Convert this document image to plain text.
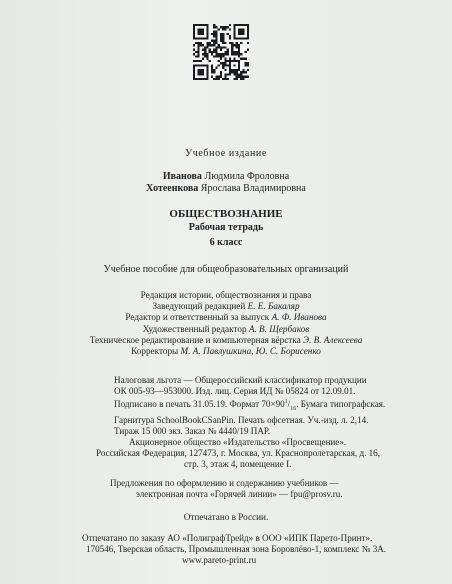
Учебное издание
Иванова Людмила Фроловна
Хотеенкова Ярослава Владимировна
ОБЩЕСТВОЗНАНИЕ
Рабочая тетрадь
6 класс
Учебное пособие для общеобразовательных организаций
Редакция истории, обществознания и права
Заведующий редакцией Е. Е. Бакаляр
Редактор и ответственный за выпуск А. Ф. Иванова
Художественный редактор А. В. Щербаков
Техническое редактирование и компьютерная вёрстка Э. В. Алексеева
Корректоры М. А. Павлушкина, Ю. С. Борисенко
Налоговая льгота — Общероссийский классификатор продукции
ОК 005-93—953000. Изд. лиц. Серия ИД № 05824 от 12.09.01.
Подписано в печать 31.05.19. Формат $70\times 90^1/_{16}$. Бумага типографская.
Гарнитура SchoolBookCSanPin. Печать офсетная. Уч.-изд. л. 2,14.
Тираж 15 000 экз. Заказ № 4440/19 ПАР.
Акционерное общество «Издательство «Просвещение».
Российская Федерация, 127473, г. Москва, ул. Краснопролетарская, д. 16,
стр. 3, этаж 4, помещение I.
Предложения по оформлению и содержанию учебников —
электронная почта «Горячей линии» — fpu@prosv.ru.
Отпечатано в России.
Отпечатано по заказу АО «ПолиграфТрейд» в ООО «ИПК Парето-Принт».
170546, Тверская область, Промышленная зона Боровлёво-1, комплекс № 3А.
www.pareto-print.ru
